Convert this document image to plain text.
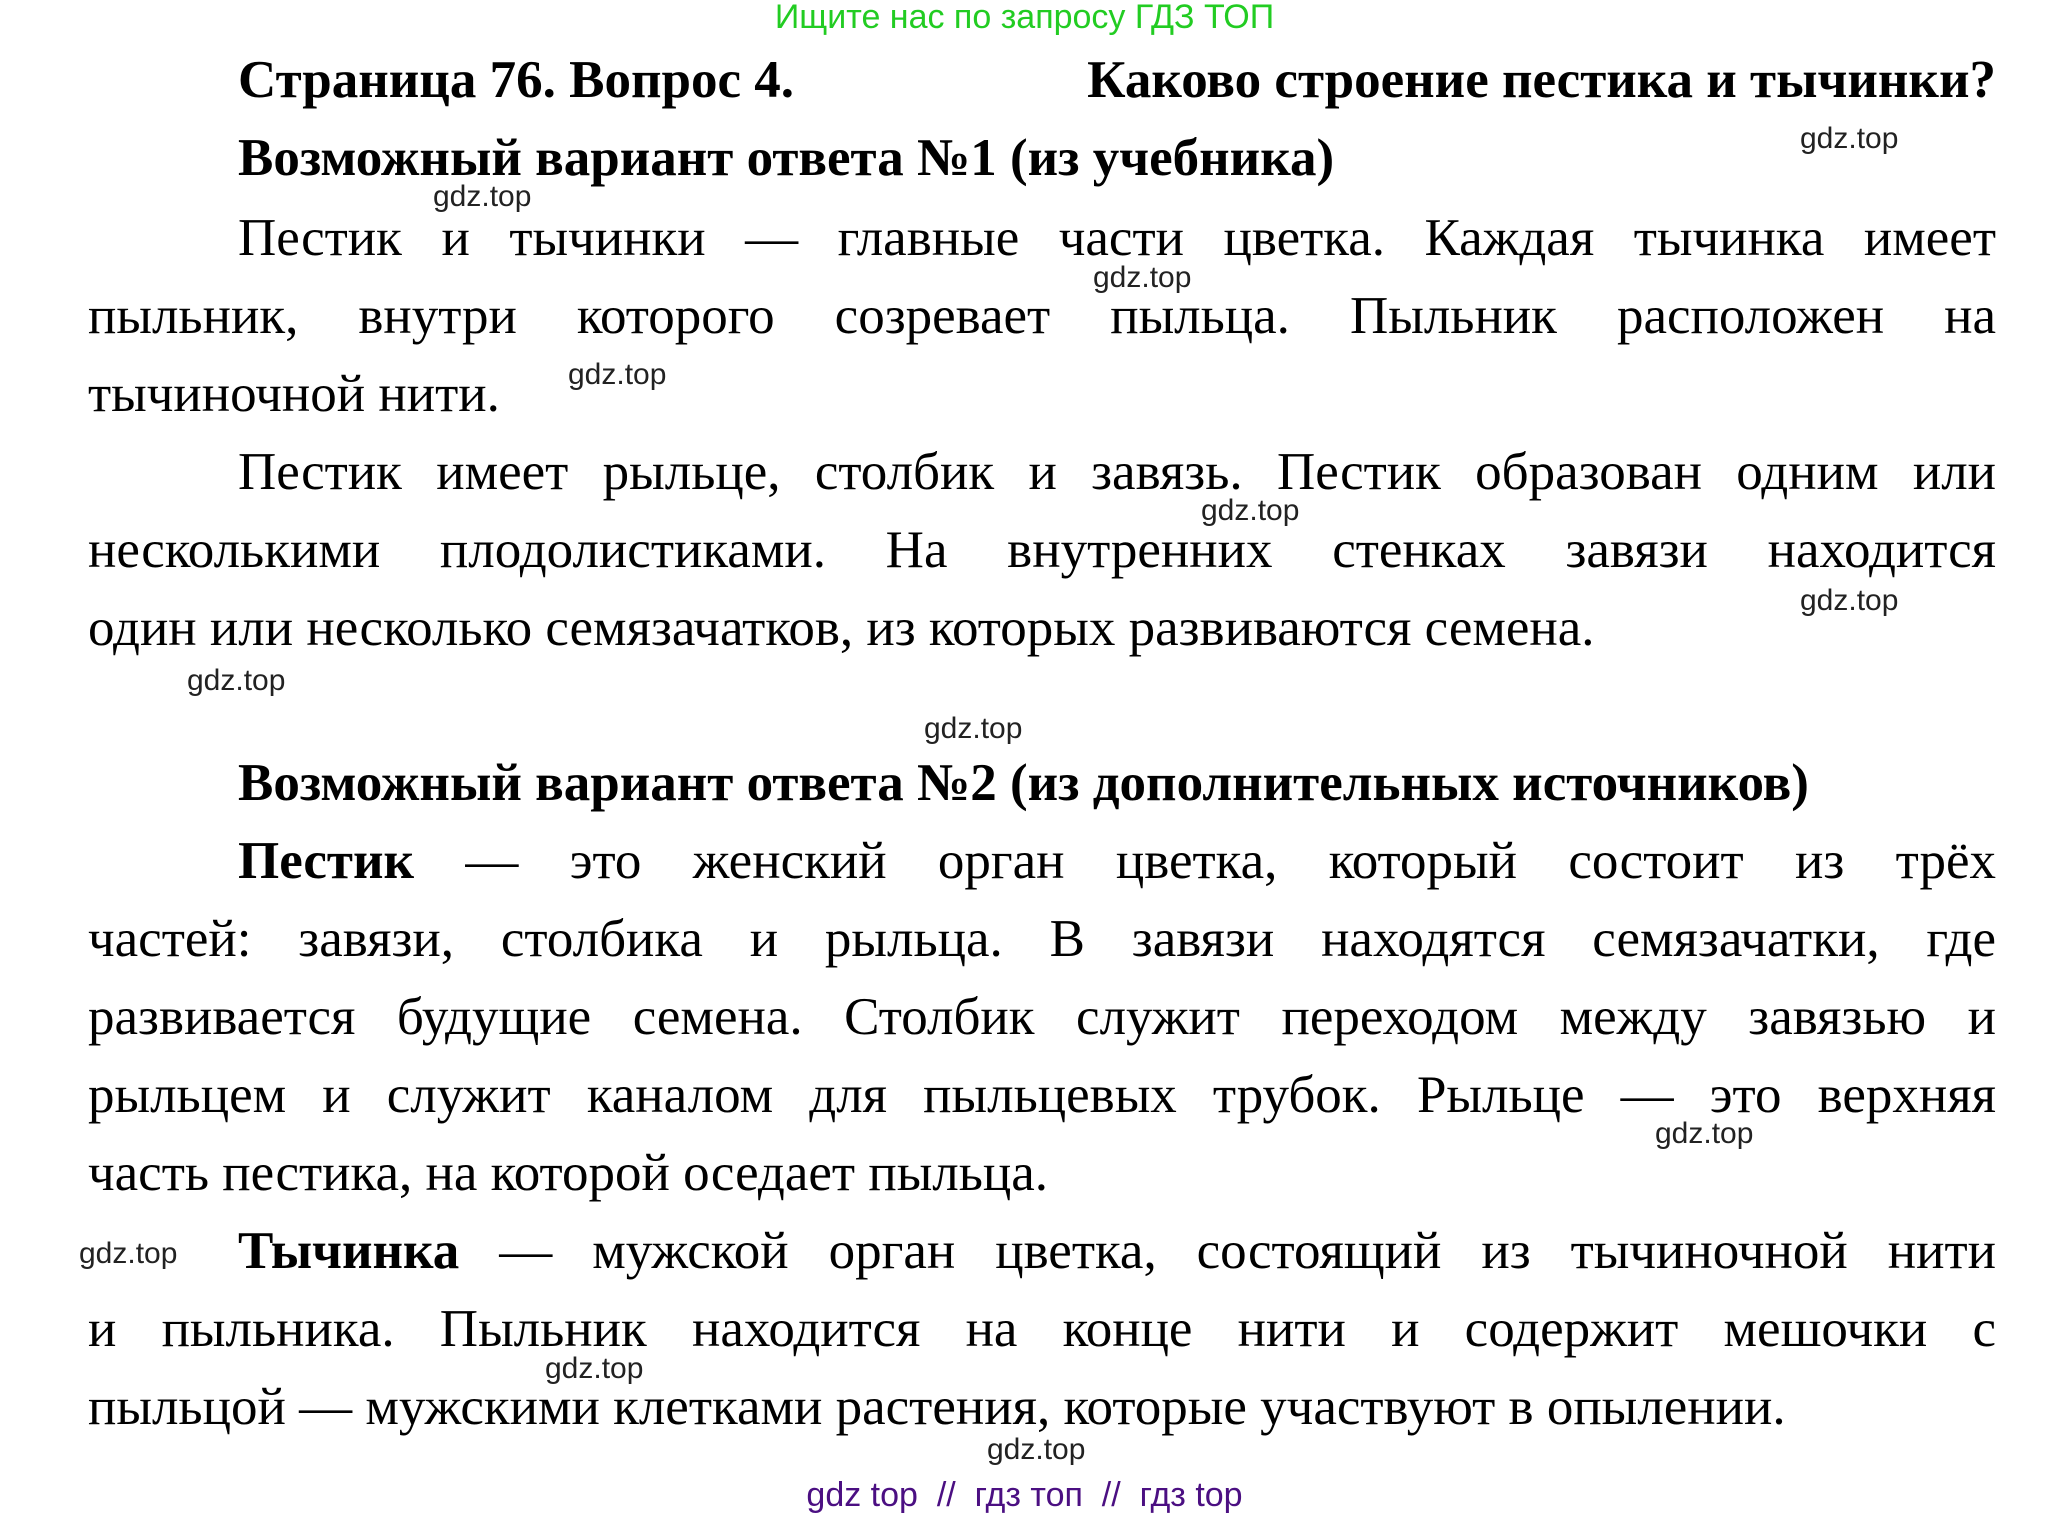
Ищите нас по запросу ГДЗ ТОП
Страница 76. Вопрос 4.	Каково строение пестика и тычинки?
Возможный вариант ответа №1 (из учебника)
Пестик и тычинки — главные части цветка. Каждая тычинка имеет
пыльник, внутри которого созревает пыльца. Пыльник расположен на
тычиночной нити.
Пестик имеет рыльце, столбик и завязь. Пестик образован одним или
несколькими плодолистиками. На внутренних стенках завязи находится
один или несколько семязачатков, из которых развиваются семена.
Возможный вариант ответа №2 (из дополнительных источников)
Пестик — это женский орган цветка, который состоит из трёх
частей: завязи, столбика и рыльца. В завязи находятся семязачатки, где
развивается будущие семена. Столбик служит переходом между завязью и
рыльцем и служит каналом для пыльцевых трубок. Рыльце — это верхняя
часть пестика, на которой оседает пыльца.
Тычинка — мужской орган цветка, состоящий из тычиночной нити
и пыльника. Пыльник находится на конце нити и содержит мешочки с
пыльцой — мужскими клетками растения, которые участвуют в опылении.
gdz.top
gdz.top
gdz.top
gdz.top
gdz.top
gdz.top
gdz.top
gdz.top
gdz.top
gdz.top
gdz.top
gdz.top
gdz top  //  гдз топ  //  гдз top
